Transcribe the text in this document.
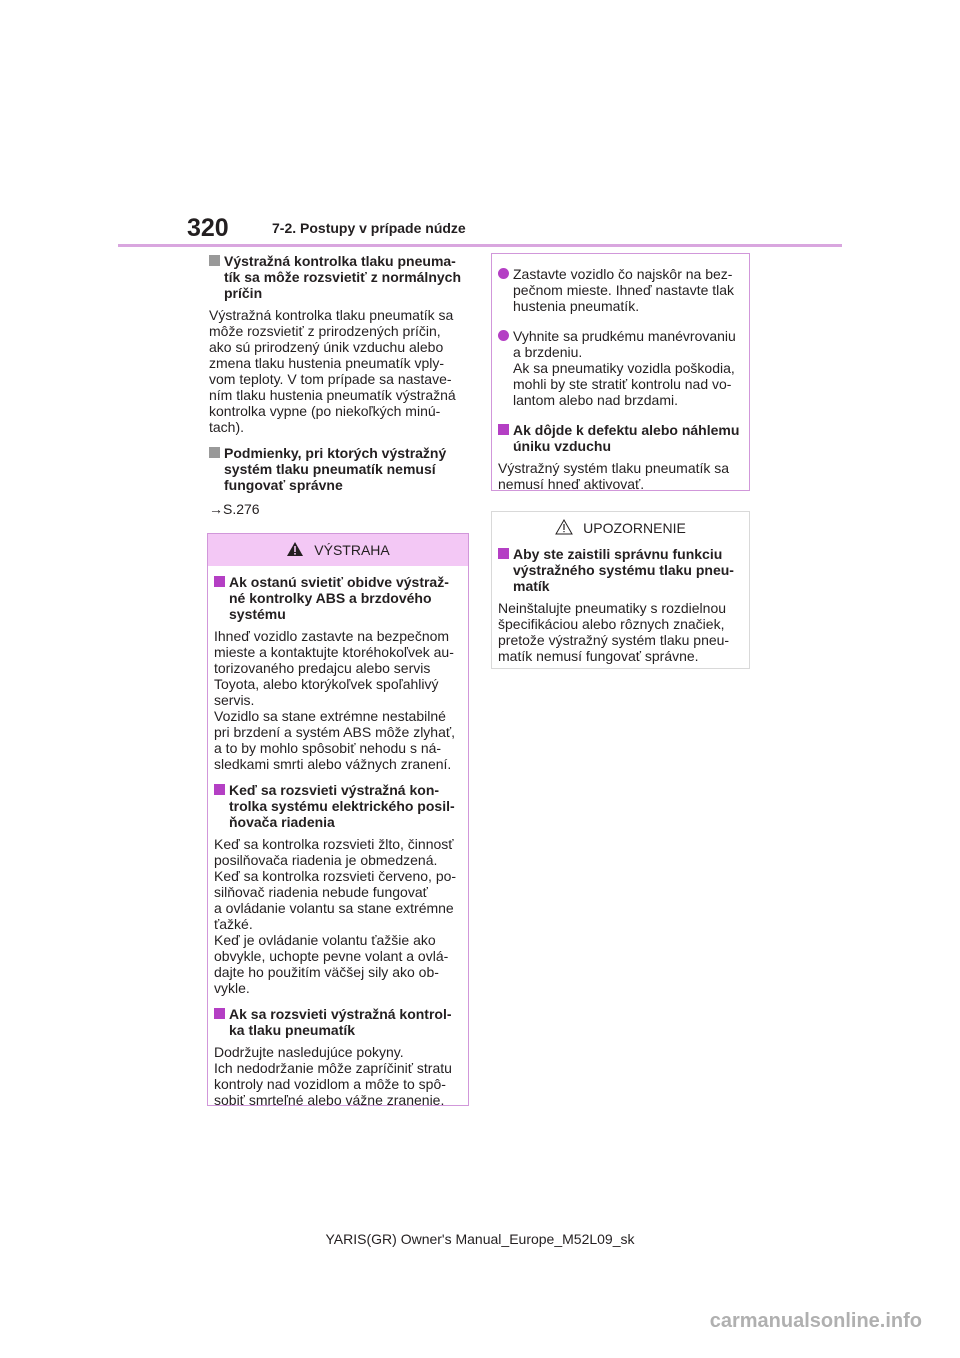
320	7-2. Postupy v prípade núdze
Výstražná kontrolka tlaku pneuma-
tík sa môže rozsvietiť z normálnych
príčin
Výstražná kontrolka tlaku pneumatík sa
môže rozsvietiť z prirodzených príčin,
ako sú prirodzený únik vzduchu alebo
zmena tlaku hustenia pneumatík vply-
vom teploty. V tom prípade sa nastave-
ním tlaku hustenia pneumatík výstražná
kontrolka vypne (po niekoľkých minú-
tach).
Podmienky, pri ktorých výstražný
systém tlaku pneumatík nemusí
fungovať správne
→S.276
VÝSTRAHA
Ak ostanú svietiť obidve výstraž-
né kontrolky ABS a brzdového
systému
Ihneď vozidlo zastavte na bezpečnom
mieste a kontaktujte ktoréhokoľvek au-
torizovaného predajcu alebo servis
Toyota, alebo ktorýkoľvek spoľahlivý
servis.
Vozidlo sa stane extrémne nestabilné
pri brzdení a systém ABS môže zlyhať,
a to by mohlo spôsobiť nehodu s ná-
sledkami smrti alebo vážnych zranení.
Keď sa rozsvieti výstražná kon-
trolka systému elektrického posil-
ňovača riadenia
Keď sa kontrolka rozsvieti žlto, činnosť
posilňovača riadenia je obmedzená.
Keď sa kontrolka rozsvieti červeno, po-
silňovač riadenia nebude fungovať
a ovládanie volantu sa stane extrémne
ťažké.
Keď je ovládanie volantu ťažšie ako
obvykle, uchopte pevne volant a ovlá-
dajte ho použitím väčšej sily ako ob-
vykle.
Ak sa rozsvieti výstražná kontrol-
ka tlaku pneumatík
Dodržujte nasledujúce pokyny.
Ich nedodržanie môže zapríčiniť stratu
kontroly nad vozidlom a môže to spô-
sobiť smrteľné alebo vážne zranenie.
Zastavte vozidlo čo najskôr na bez-
pečnom mieste. Ihneď nastavte tlak
hustenia pneumatík.
Vyhnite sa prudkému manévrovaniu
a brzdeniu.
Ak sa pneumatiky vozidla poškodia,
mohli by ste stratiť kontrolu nad vo-
lantom alebo nad brzdami.
Ak dôjde k defektu alebo náhlemu
úniku vzduchu
Výstražný systém tlaku pneumatík sa
nemusí hneď aktivovať.
UPOZORNENIE
Aby ste zaistili správnu funkciu
výstražného systému tlaku pneu-
matík
Neinštalujte pneumatiky s rozdielnou
špecifikáciou alebo rôznych značiek,
pretože výstražný systém tlaku pneu-
matík nemusí fungovať správne.
YARIS(GR) Owner's Manual_Europe_M52L09_sk
carmanualsonline.info
